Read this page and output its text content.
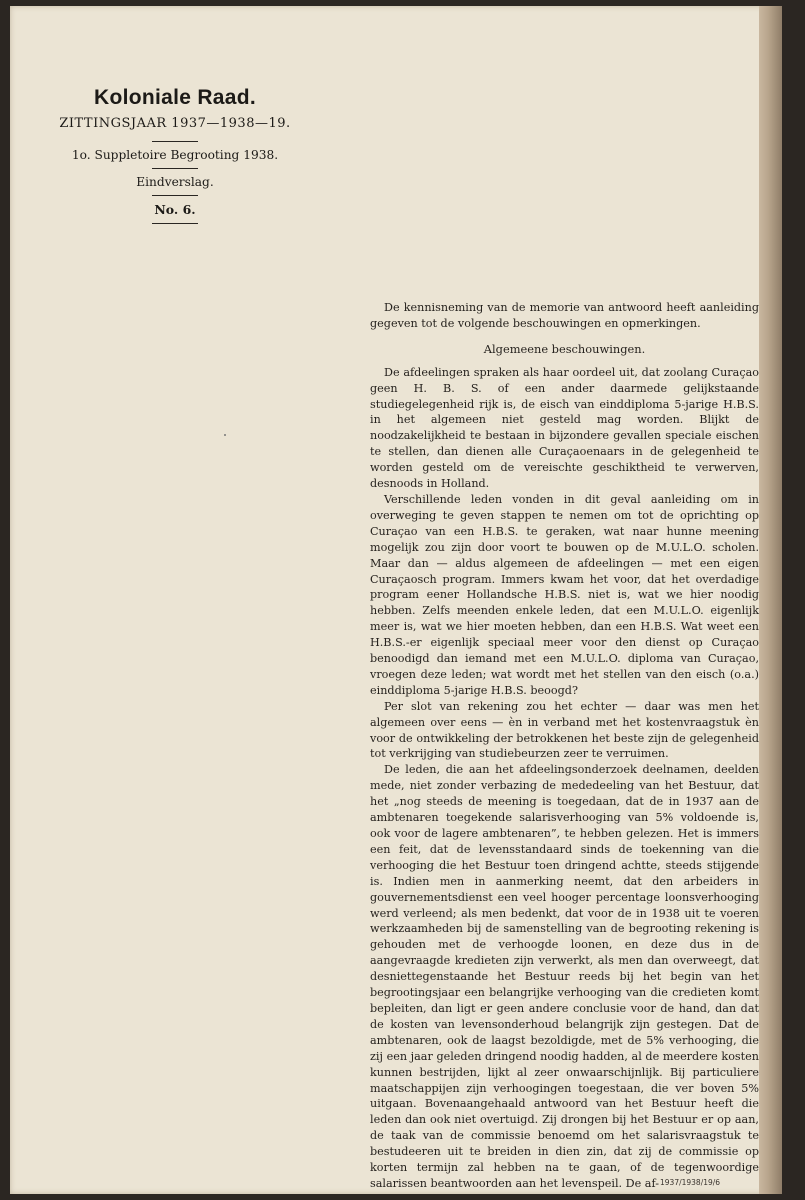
Koloniale Raad.
ZITTINGSJAAR 1937—1938—19.
1o. Suppletoire Begrooting 1938.
Eindverslag.
No. 6.

De kennisneming van de memorie van antwoord heeft aanleiding gegeven tot de volgende beschouwingen en opmerkingen.

Algemeene beschouwingen.

De afdeelingen spraken als haar oordeel uit, dat zoolang Curaçao geen H. B. S. of een ander daarmede gelijkstaande studiegelegenheid rijk is, de eisch van einddiploma 5-jarige H.B.S. in het algemeen niet gesteld mag worden. Blijkt de noodzakelijkheid te bestaan in bijzondere gevallen speciale eischen te stellen, dan dienen alle Curaçaoenaars in de gelegenheid te worden gesteld om de vereischte geschiktheid te verwerven, desnoods in Holland.

Verschillende leden vonden in dit geval aanleiding om in overweging te geven stappen te nemen om tot de oprichting op Curaçao van een H.B.S. te geraken, wat naar hunne meening mogelijk zou zijn door voort te bouwen op de M.U.L.O. scholen. Maar dan — aldus algemeen de afdeelingen — met een eigen Curaçaosch program. Immers kwam het voor, dat het overdadige program eener Hollandsche H.B.S. niet is, wat we hier noodig hebben. Zelfs meenden enkele leden, dat een M.U.L.O. eigenlijk meer is, wat we hier moeten hebben, dan een H.B.S. Wat weet een H.B.S.-er eigenlijk speciaal meer voor den dienst op Curaçao benoodigd dan iemand met een M.U.L.O. diploma van Curaçao, vroegen deze leden; wat wordt met het stellen van den eisch (o.a.) einddiploma 5-jarige H.B.S. beoogd?

Per slot van rekening zou het echter — daar was men het algemeen over eens — èn in verband met het kostenvraagstuk èn voor de ontwikkeling der betrokkenen het beste zijn de gelegenheid tot verkrijging van studiebeurzen zeer te verruimen.

De leden, die aan het afdeelingsonderzoek deelnamen, deelden mede, niet zonder verbazing de mededeeling van het Bestuur, dat het „nog steeds de meening is toegedaan, dat de in 1937 aan de ambtenaren toegekende salarisverhooging van 5% voldoende is, ook voor de lagere ambtenaren”, te hebben gelezen. Het is immers een feit, dat de levensstandaard sinds de toekenning van die verhooging die het Bestuur toen dringend achtte, steeds stijgende is. Indien men in aanmerking neemt, dat den arbeiders in gouvernementsdienst een veel hooger percentage loonsverhooging werd verleend; als men bedenkt, dat voor de in 1938 uit te voeren werkzaamheden bij de samenstelling van de begrooting rekening is gehouden met de verhoogde loonen, en deze dus in de aangevraagde kredieten zijn verwerkt, als men dan overweegt, dat desniettegenstaande het Bestuur reeds bij het begin van het begrootingsjaar een belangrijke verhooging van die credieten komt bepleiten, dan ligt er geen andere conclusie voor de hand, dan dat de kosten van levensonderhoud belangrijk zijn gestegen. Dat de ambtenaren, ook de laagst bezoldigde, met de 5% verhooging, die zij een jaar geleden dringend noodig hadden, al de meerdere kosten kunnen bestrijden, lijkt al zeer onwaarschijnlijk. Bij particuliere maatschappijen zijn verhoogingen toegestaan, die ver boven 5% uitgaan. Bovenaangehaald antwoord van het Bestuur heeft die leden dan ook niet overtuigd. Zij drongen bij het Bestuur er op aan, de taak van de commissie benoemd om het salarisvraagstuk te bestudeeren uit te breiden in dien zin, dat zij de commissie op korten termijn zal hebben na te gaan, of de tegenwoordige salarissen beantwoorden aan het levenspeil. De af- 1937/1938/19/6
